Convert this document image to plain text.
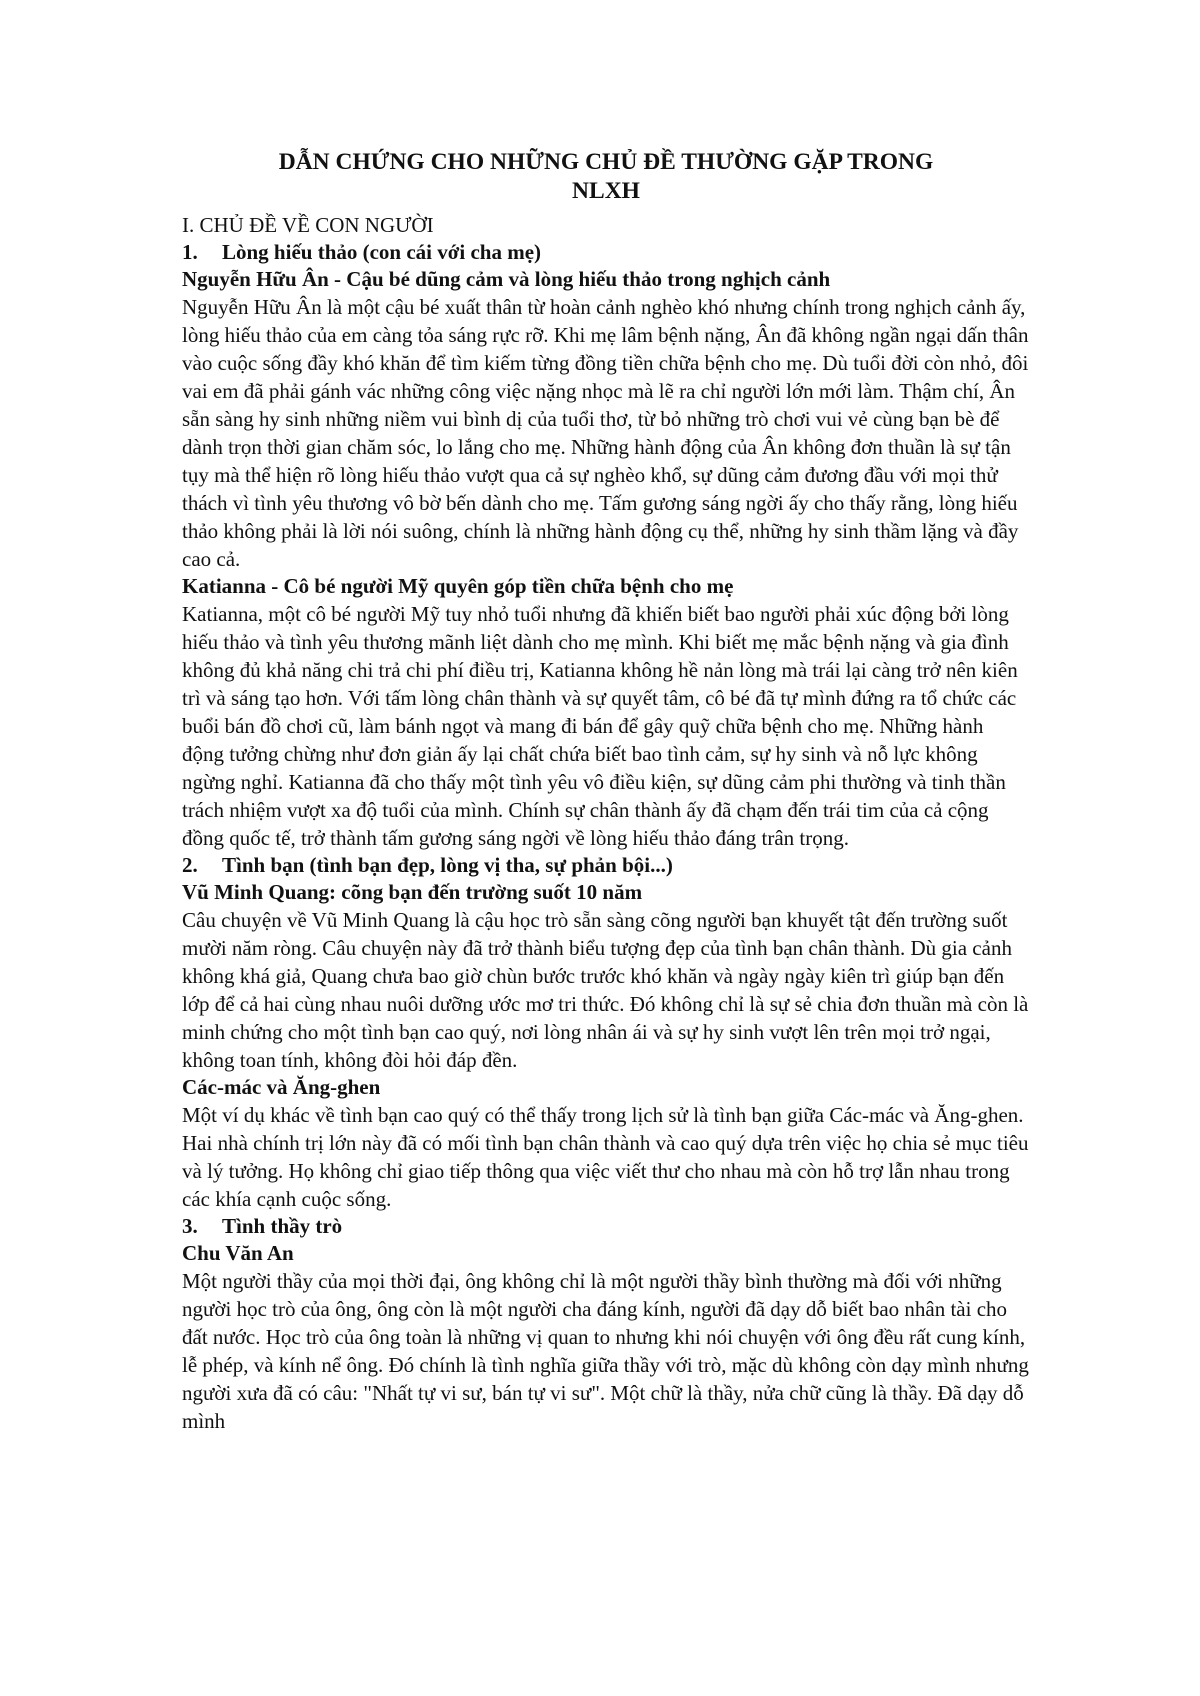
DẪN CHỨNG CHO NHỮNG CHỦ ĐỀ THƯỜNG GẶP TRONG
NLXH

I. CHỦ ĐỀ VỀ CON NGƯỜI

1.	Lòng hiếu thảo (con cái với cha mẹ)

Nguyễn Hữu Ân - Cậu bé dũng cảm và lòng hiếu thảo trong nghịch cảnh

Nguyễn Hữu Ân là một cậu bé xuất thân từ hoàn cảnh nghèo khó nhưng chính trong nghịch cảnh ấy, lòng hiếu thảo của em càng tỏa sáng rực rỡ. Khi mẹ lâm bệnh nặng, Ân đã không ngần ngại dấn thân vào cuộc sống đầy khó khăn để tìm kiếm từng đồng tiền chữa bệnh cho mẹ. Dù tuổi đời còn nhỏ, đôi vai em đã phải gánh vác những công việc nặng nhọc mà lẽ ra chỉ người lớn mới làm. Thậm chí, Ân sẵn sàng hy sinh những niềm vui bình dị của tuổi thơ, từ bỏ những trò chơi vui vẻ cùng bạn bè để dành trọn thời gian chăm sóc, lo lắng cho mẹ. Những hành động của Ân không đơn thuần là sự tận tụy mà thể hiện rõ lòng hiếu thảo vượt qua cả sự nghèo khổ, sự dũng cảm đương đầu với mọi thử thách vì tình yêu thương vô bờ bến dành cho mẹ. Tấm gương sáng ngời ấy cho thấy rằng, lòng hiếu thảo không phải là lời nói suông, chính là những hành động cụ thể, những hy sinh thầm lặng và đầy cao cả.

Katianna - Cô bé người Mỹ quyên góp tiền chữa bệnh cho mẹ

Katianna, một cô bé người Mỹ tuy nhỏ tuổi nhưng đã khiến biết bao người phải xúc động bởi lòng hiếu thảo và tình yêu thương mãnh liệt dành cho mẹ mình. Khi biết mẹ mắc bệnh nặng và gia đình không đủ khả năng chi trả chi phí điều trị, Katianna không hề nản lòng mà trái lại càng trở nên kiên trì và sáng tạo hơn. Với tấm lòng chân thành và sự quyết tâm, cô bé đã tự mình đứng ra tổ chức các buổi bán đồ chơi cũ, làm bánh ngọt và mang đi bán để gây quỹ chữa bệnh cho mẹ. Những hành động tưởng chừng như đơn giản ấy lại chất chứa biết bao tình cảm, sự hy sinh và nỗ lực không ngừng nghỉ. Katianna đã cho thấy một tình yêu vô điều kiện, sự dũng cảm phi thường và tinh thần trách nhiệm vượt xa độ tuổi của mình. Chính sự chân thành ấy đã chạm đến trái tim của cả cộng đồng quốc tế, trở thành tấm gương sáng ngời về lòng hiếu thảo đáng trân trọng.

2.	Tình bạn (tình bạn đẹp, lòng vị tha, sự phản bội...)

Vũ Minh Quang: cõng bạn đến trường suốt 10 năm

Câu chuyện về Vũ Minh Quang là cậu học trò sẵn sàng cõng người bạn khuyết tật đến trường suốt mười năm ròng. Câu chuyện này đã trở thành biểu tượng đẹp của tình bạn chân thành. Dù gia cảnh không khá giả, Quang chưa bao giờ chùn bước trước khó khăn và ngày ngày kiên trì giúp bạn đến lớp để cả hai cùng nhau nuôi dưỡng ước mơ tri thức. Đó không chỉ là sự sẻ chia đơn thuần mà còn là minh chứng cho một tình bạn cao quý, nơi lòng nhân ái và sự hy sinh vượt lên trên mọi trở ngại, không toan tính, không đòi hỏi đáp đền.

Các-mác và Ăng-ghen

Một ví dụ khác về tình bạn cao quý có thể thấy trong lịch sử là tình bạn giữa Các-mác và Ăng-ghen. Hai nhà chính trị lớn này đã có mối tình bạn chân thành và cao quý dựa trên việc họ chia sẻ mục tiêu và lý tưởng. Họ không chỉ giao tiếp thông qua việc viết thư cho nhau mà còn hỗ trợ lẫn nhau trong các khía cạnh cuộc sống.

3.	Tình thầy trò

Chu Văn An

Một người thầy của mọi thời đại, ông không chỉ là một người thầy bình thường mà đối với những người học trò của ông, ông còn là một người cha đáng kính, người đã dạy dỗ biết bao nhân tài cho đất nước. Học trò của ông toàn là những vị quan to nhưng khi nói chuyện với ông đều rất cung kính, lễ phép, và kính nể ông. Đó chính là tình nghĩa giữa thầy với trò, mặc dù không còn dạy mình nhưng người xưa đã có câu: "Nhất tự vi sư, bán tự vi sư". Một chữ là thầy, nửa chữ cũng là thầy. Đã dạy dỗ mình
